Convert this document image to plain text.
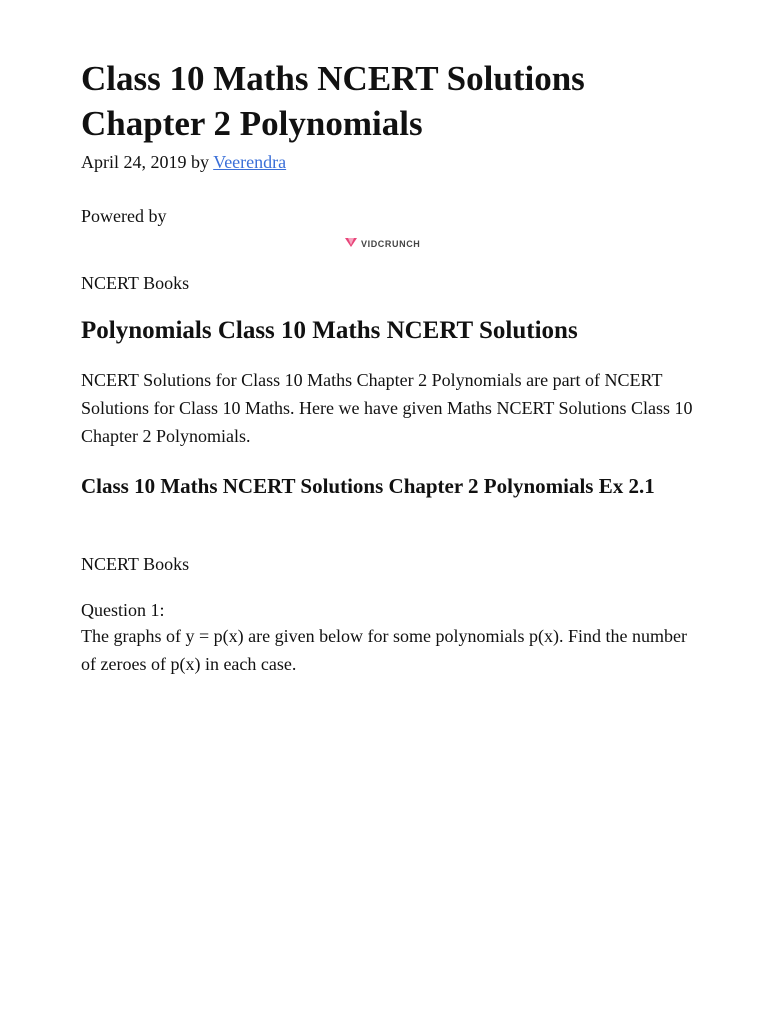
Class 10 Maths NCERT Solutions Chapter 2 Polynomials
April 24, 2019 by Veerendra
Powered by
VIDCRUNCH

NCERT Books

Polynomials Class 10 Maths NCERT Solutions

NCERT Solutions for Class 10 Maths Chapter 2 Polynomials are part of NCERT Solutions for Class 10 Maths. Here we have given Maths NCERT Solutions Class 10 Chapter 2 Polynomials.

Class 10 Maths NCERT Solutions Chapter 2 Polynomials Ex 2.1

NCERT Books

Question 1:

The graphs of y = p(x) are given below for some polynomials p(x). Find the number of zeroes of p(x) in each case.
